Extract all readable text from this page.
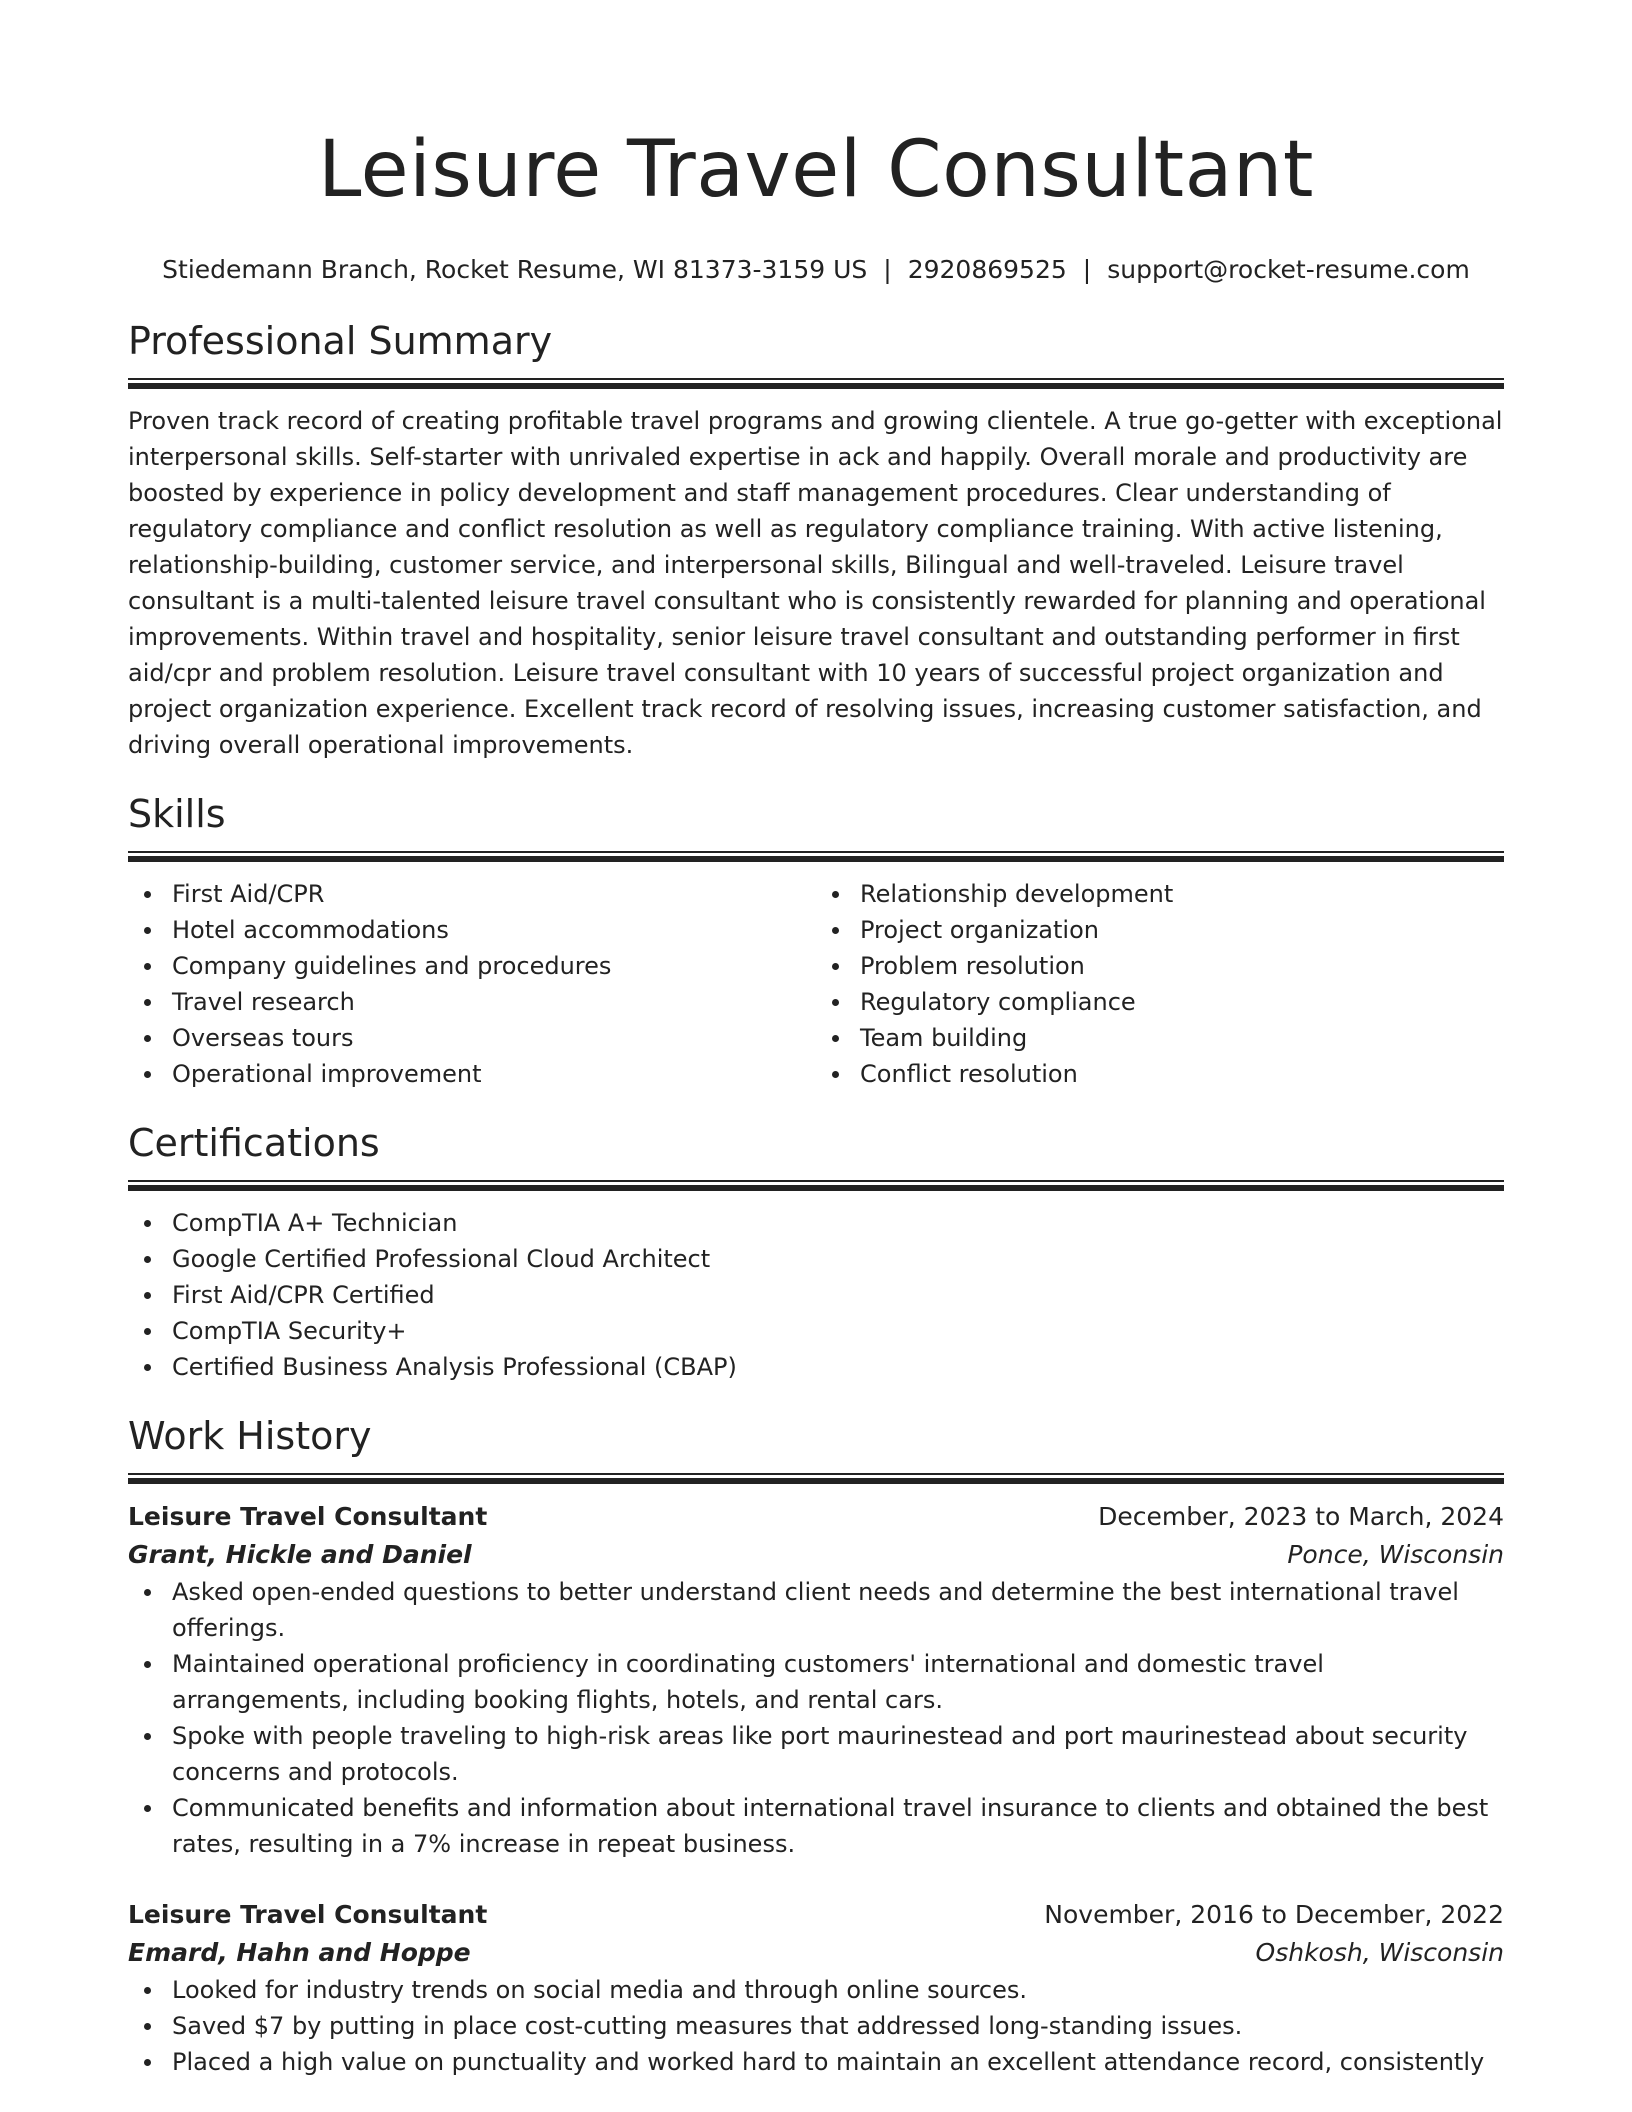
Leisure Travel Consultant
Stiedemann Branch, Rocket Resume, WI 81373-3159 US | 2920869525 | support@rocket-resume.com
Professional Summary

Proven track record of creating profitable travel programs and growing clientele. A true go-getter with exceptional interpersonal skills. Self-starter with unrivaled expertise in ack and happily. Overall morale and productivity are boosted by experience in policy development and staff management procedures. Clear understanding of regulatory compliance and conflict resolution as well as regulatory compliance training. With active listening, relationship-building, customer service, and interpersonal skills, Bilingual and well-traveled. Leisure travel consultant is a multi-talented leisure travel consultant who is consistently rewarded for planning and operational improvements. Within travel and hospitality, senior leisure travel consultant and outstanding performer in first aid/cpr and problem resolution. Leisure travel consultant with 10 years of successful project organization and project organization experience. Excellent track record of resolving issues, increasing customer satisfaction, and driving overall operational improvements.

Skills
First Aid/CPR
Hotel accommodations
Company guidelines and procedures
Travel research
Overseas tours
Operational improvement
Relationship development
Project organization
Problem resolution
Regulatory compliance
Team building
Conflict resolution
Certifications
CompTIA A+ Technician
Google Certified Professional Cloud Architect
First Aid/CPR Certified
CompTIA Security+
Certified Business Analysis Professional (CBAP)
Work History
Leisure Travel Consultant	December, 2023 to March, 2024
Grant, Hickle and Daniel	Ponce, Wisconsin
Asked open-ended questions to better understand client needs and determine the best international travel offerings.
Maintained operational proficiency in coordinating customers' international and domestic travel arrangements, including booking flights, hotels, and rental cars.
Spoke with people traveling to high-risk areas like port maurinestead and port maurinestead about security concerns and protocols.
Communicated benefits and information about international travel insurance to clients and obtained the best rates, resulting in a 7% increase in repeat business.
Leisure Travel Consultant	November, 2016 to December, 2022
Emard, Hahn and Hoppe	Oshkosh, Wisconsin
Looked for industry trends on social media and through online sources.
Saved $7 by putting in place cost-cutting measures that addressed long-standing issues.
Placed a high value on punctuality and worked hard to maintain an excellent attendance record, consistently
